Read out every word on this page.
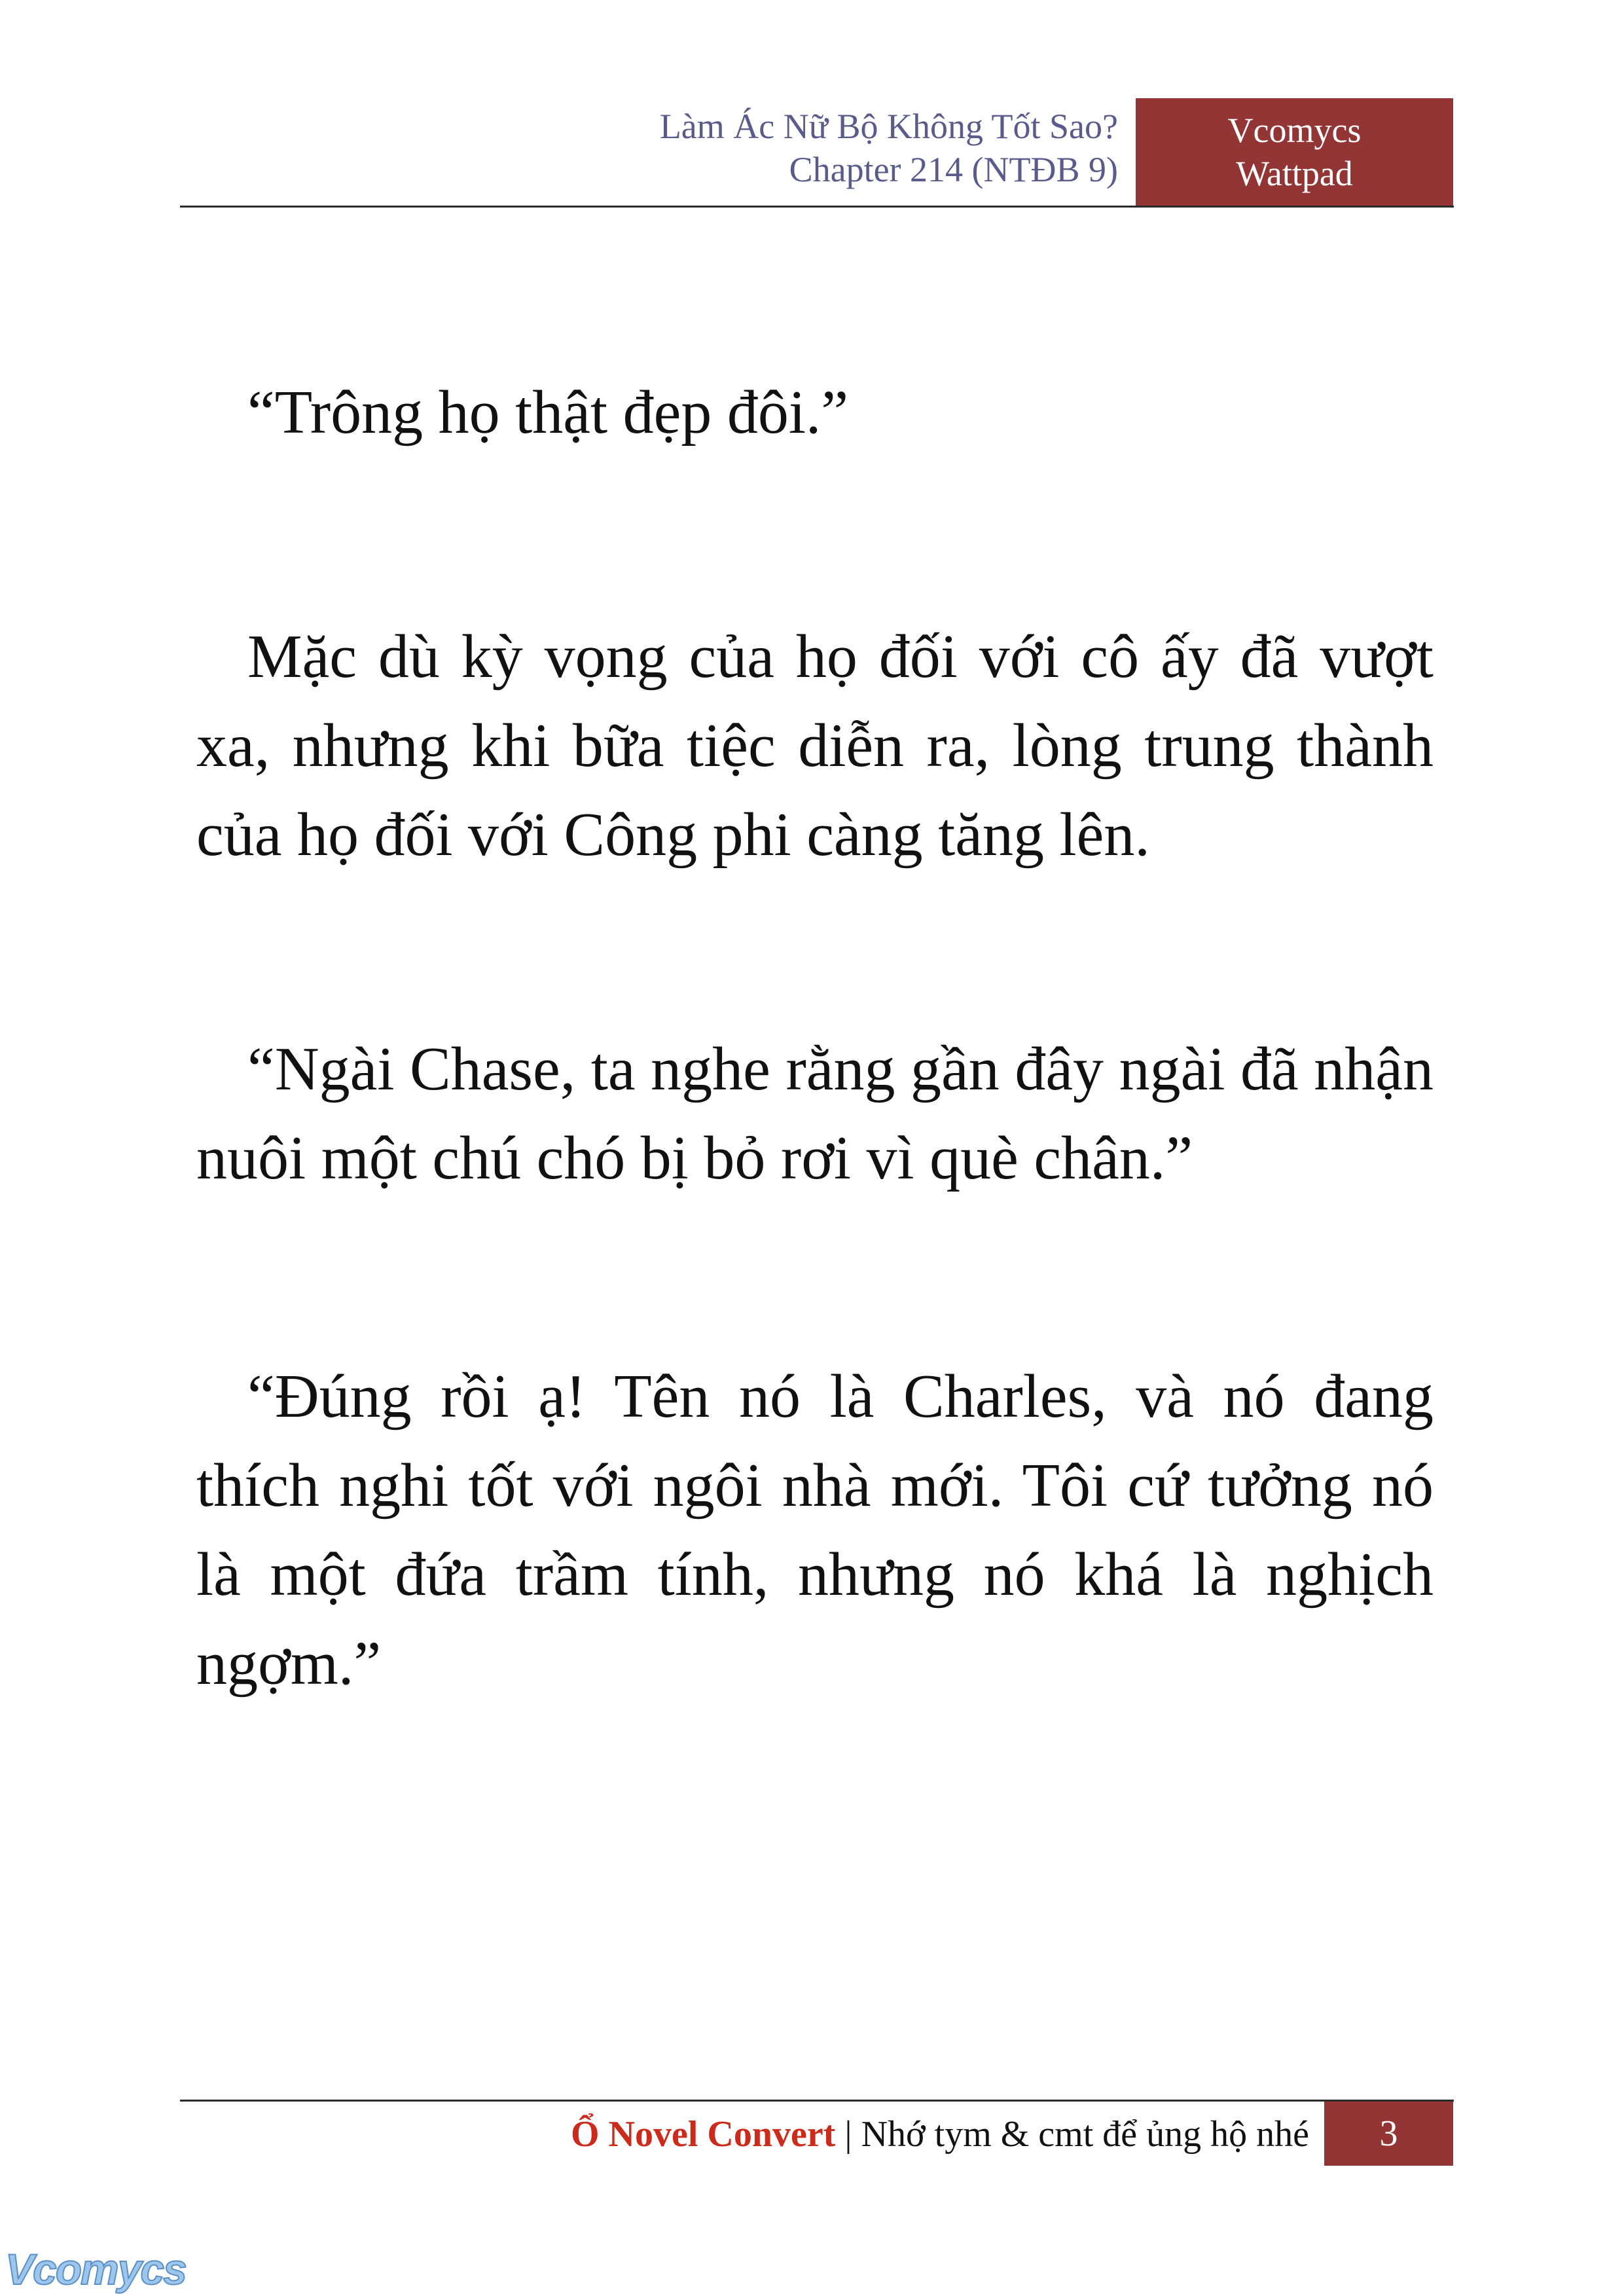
Làm Ác Nữ Bộ Không Tốt Sao?
Chapter 214 (NTĐB 9)
Vcomycs
Wattpad

“Trông họ thật đẹp đôi.”

Mặc dù kỳ vọng của họ đối với cô ấy đã vượt xa, nhưng khi bữa tiệc diễn ra, lòng trung thành của họ đối với Công phi càng tăng lên.

“Ngài Chase, ta nghe rằng gần đây ngài đã nhận nuôi một chú chó bị bỏ rơi vì què chân.”

“Đúng rồi ạ! Tên nó là Charles, và nó đang thích nghi tốt với ngôi nhà mới. Tôi cứ tưởng nó là một đứa trầm tính, nhưng nó khá là nghịch ngợm.”

Ổ Novel Convert | Nhớ tym & cmt để ủng hộ nhé	3
Vcomycs
